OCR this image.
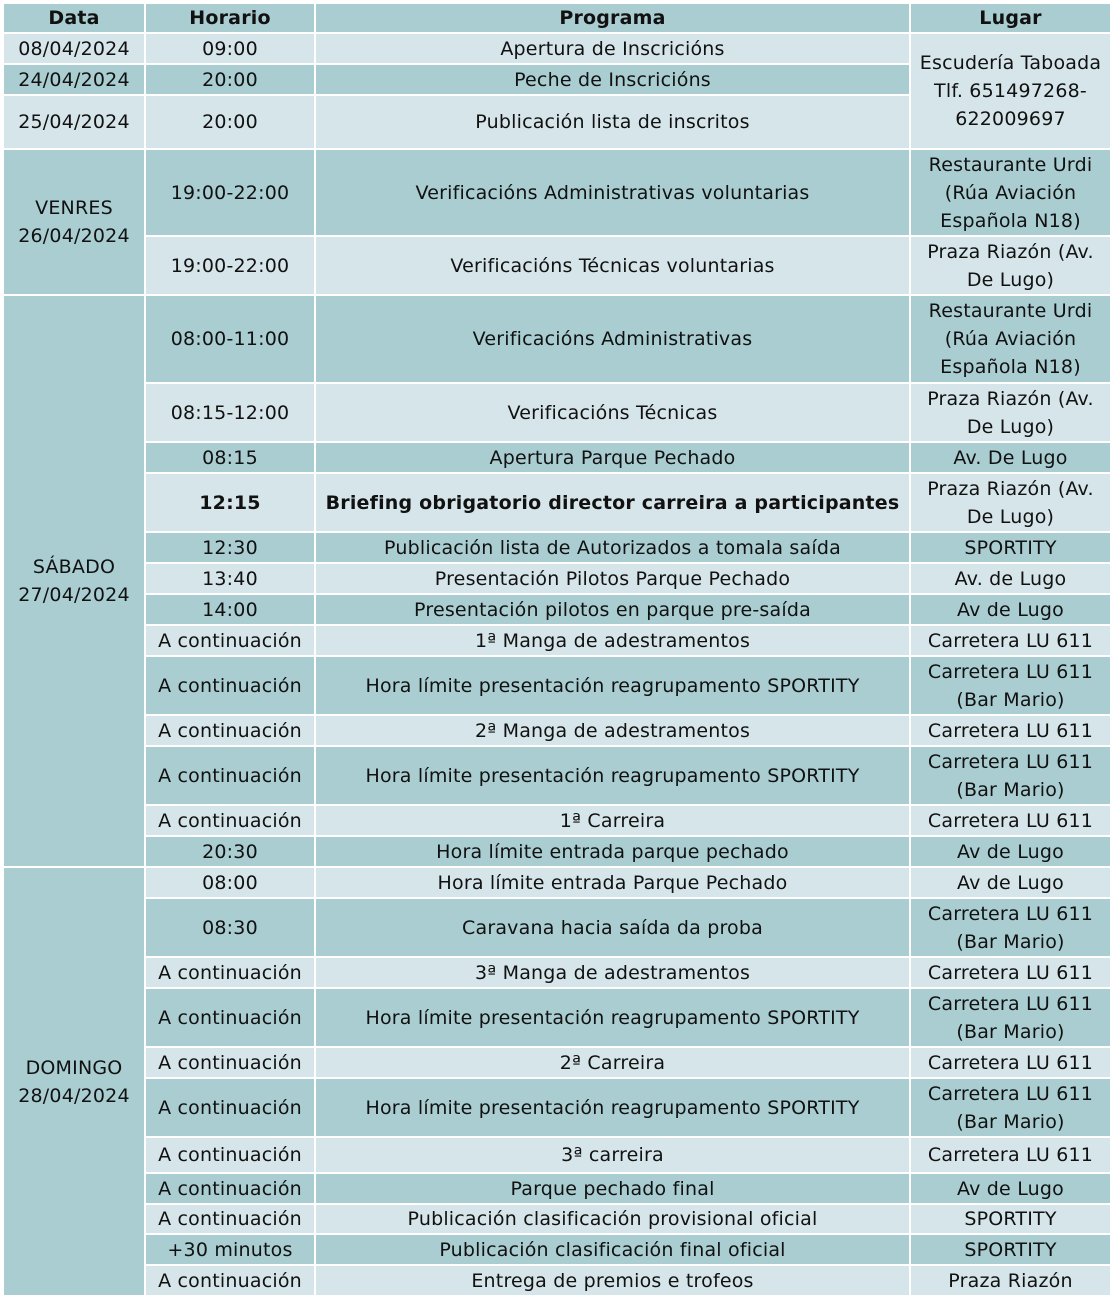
Data	Horario	Programa	Lugar
08/04/2024	09:00	Apertura de Inscricións	Escudería Taboada Tlf. 651497268-622009697
24/04/2024	20:00	Peche de Inscricións	
25/04/2024	20:00	Publicación lista de inscritos	
VENRES 26/04/2024	19:00-22:00	Verificacións Administrativas voluntarias	Restaurante Urdi (Rúa Aviación Española N18)
	19:00-22:00	Verificacións Técnicas voluntarias	Praza Riazón (Av. De Lugo)
SÁBADO 27/04/2024	08:00-11:00	Verificacións Administrativas	Restaurante Urdi (Rúa Aviación Española N18)
	08:15-12:00	Verificacións Técnicas	Praza Riazón (Av. De Lugo)
	08:15	Apertura Parque Pechado	Av. De Lugo
	12:15	Briefing obrigatorio director carreira a participantes	Praza Riazón (Av. De Lugo)
	12:30	Publicación lista de Autorizados a tomala saída	SPORTITY
	13:40	Presentación Pilotos Parque Pechado	Av. de Lugo
	14:00	Presentación pilotos en parque pre-saída	Av de Lugo
	A continuación	1ª Manga de adestramentos	Carretera LU 611
	A continuación	Hora límite presentación reagrupamento SPORTITY	Carretera LU 611 (Bar Mario)
	A continuación	2ª Manga de adestramentos	Carretera LU 611
	A continuación	Hora límite presentación reagrupamento SPORTITY	Carretera LU 611 (Bar Mario)
	A continuación	1ª Carreira	Carretera LU 611
	20:30	Hora límite entrada parque pechado	Av de Lugo
DOMINGO 28/04/2024	08:00	Hora límite entrada Parque Pechado	Av de Lugo
	08:30	Caravana hacia saída da proba	Carretera LU 611 (Bar Mario)
	A continuación	3ª Manga de adestramentos	Carretera LU 611
	A continuación	Hora límite presentación reagrupamento SPORTITY	Carretera LU 611 (Bar Mario)
	A continuación	2ª Carreira	Carretera LU 611
	A continuación	Hora límite presentación reagrupamento SPORTITY	Carretera LU 611 (Bar Mario)
	A continuación	3ª carreira	Carretera LU 611
	A continuación	Parque pechado final	Av de Lugo
	A continuación	Publicación clasificación provisional oficial	SPORTITY
	+30 minutos	Publicación clasificación final oficial	SPORTITY
	A continuación	Entrega de premios e trofeos	Praza Riazón
